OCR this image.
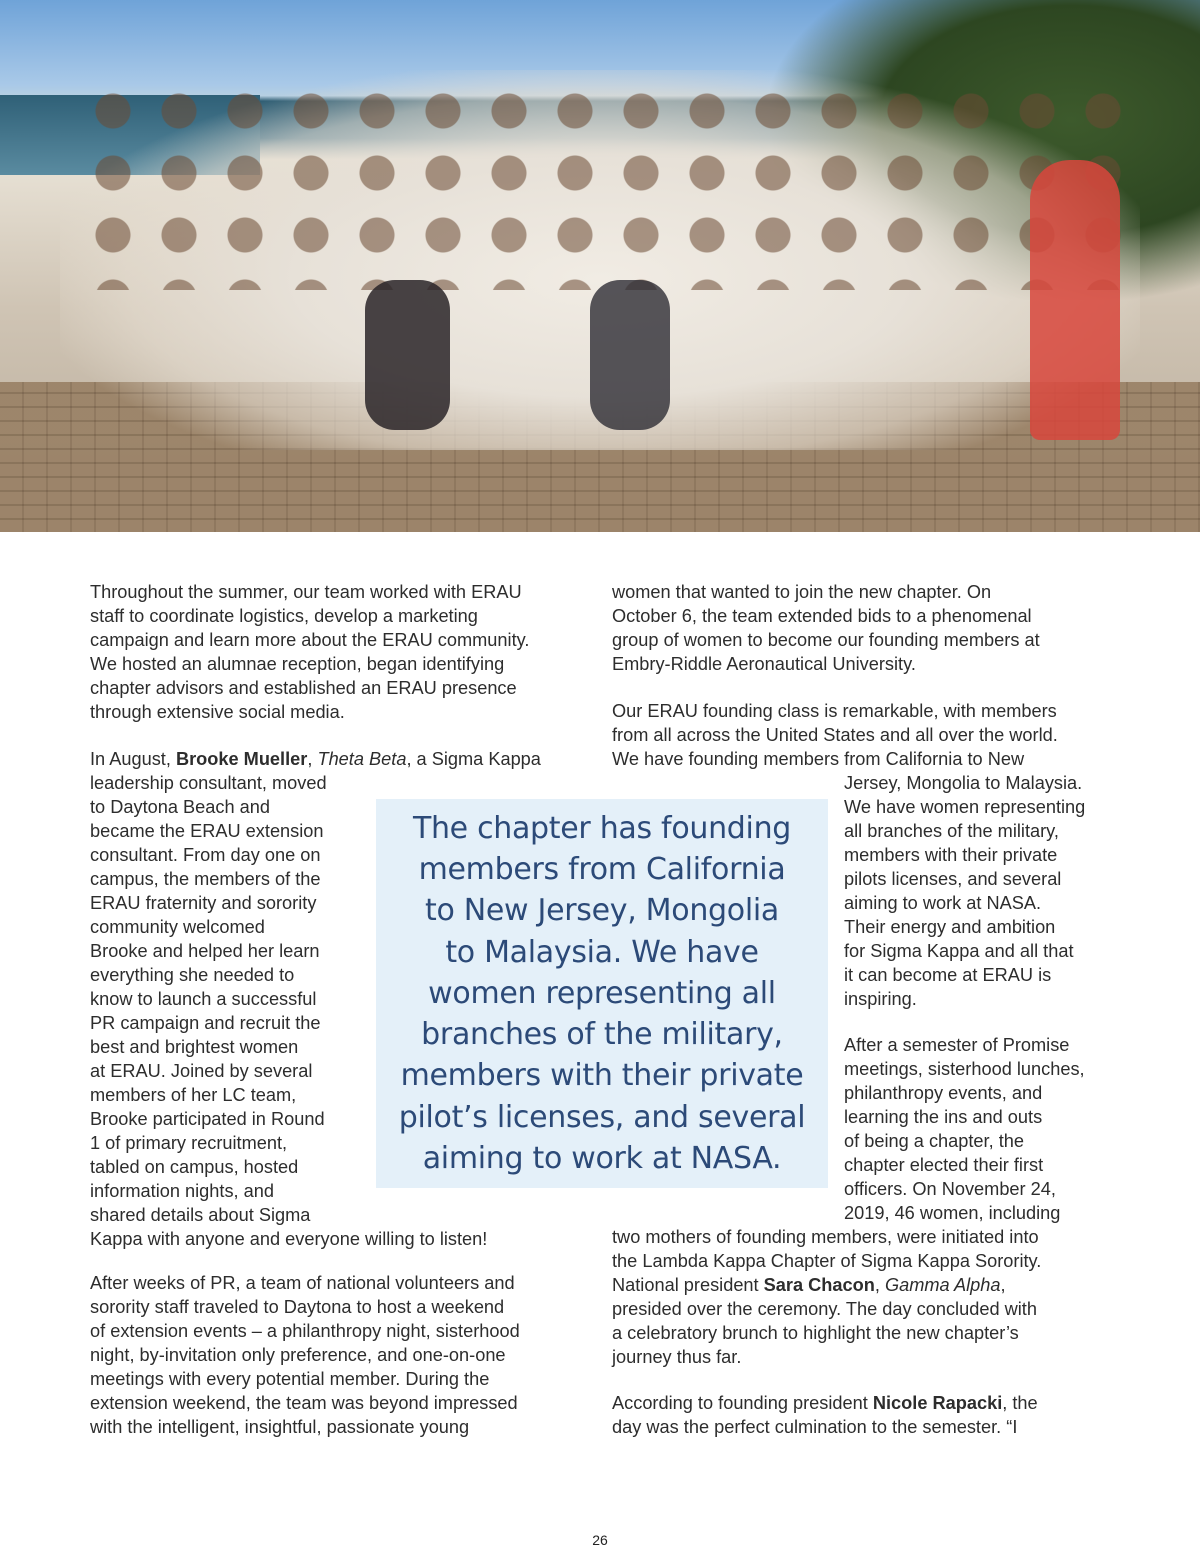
Throughout the summer, our team worked with ERAU
staff to coordinate logistics, develop a marketing
campaign and learn more about the ERAU community.
We hosted an alumnae reception, began identifying
chapter advisors and established an ERAU presence
through extensive social media.
In August, Brooke Mueller, Theta Beta, a Sigma Kappa
leadership consultant, moved
to Daytona Beach and
became the ERAU extension
consultant. From day one on
campus, the members of the
ERAU fraternity and sorority
community welcomed
Brooke and helped her learn
everything she needed to
know to launch a successful
PR campaign and recruit the
best and brightest women
at ERAU. Joined by several
members of her LC team,
Brooke participated in Round
1 of primary recruitment,
tabled on campus, hosted
information nights, and
shared details about Sigma
Kappa with anyone and everyone willing to listen!
After weeks of PR, a team of national volunteers and
sorority staff traveled to Daytona to host a weekend
of extension events – a philanthropy night, sisterhood
night, by-invitation only preference, and one-on-one
meetings with every potential member. During the
extension weekend, the team was beyond impressed
with the intelligent, insightful, passionate young
women that wanted to join the new chapter. On
October 6, the team extended bids to a phenomenal
group of women to become our founding members at
Embry-Riddle Aeronautical University.
Our ERAU founding class is remarkable, with members
from all across the United States and all over the world.
We have founding members from California to New
Jersey, Mongolia to Malaysia.
We have women representing
all branches of the military,
members with their private
pilots licenses, and several
aiming to work at NASA.
Their energy and ambition
for Sigma Kappa and all that
it can become at ERAU is
inspiring.
After a semester of Promise
meetings, sisterhood lunches,
philanthropy events, and
learning the ins and outs
of being a chapter, the
chapter elected their first
officers. On November 24,
2019, 46 women, including
two mothers of founding members, were initiated into
the Lambda Kappa Chapter of Sigma Kappa Sorority.
National president Sara Chacon, Gamma Alpha,
presided over the ceremony. The day concluded with
a celebratory brunch to highlight the new chapter’s
journey thus far.
According to founding president Nicole Rapacki, the
day was the perfect culmination to the semester. “I
The chapter has founding
members from California
to New Jersey, Mongolia
to Malaysia. We have
women representing all
branches of the military,
members with their private
pilot’s licenses, and several
aiming to work at NASA.
26
